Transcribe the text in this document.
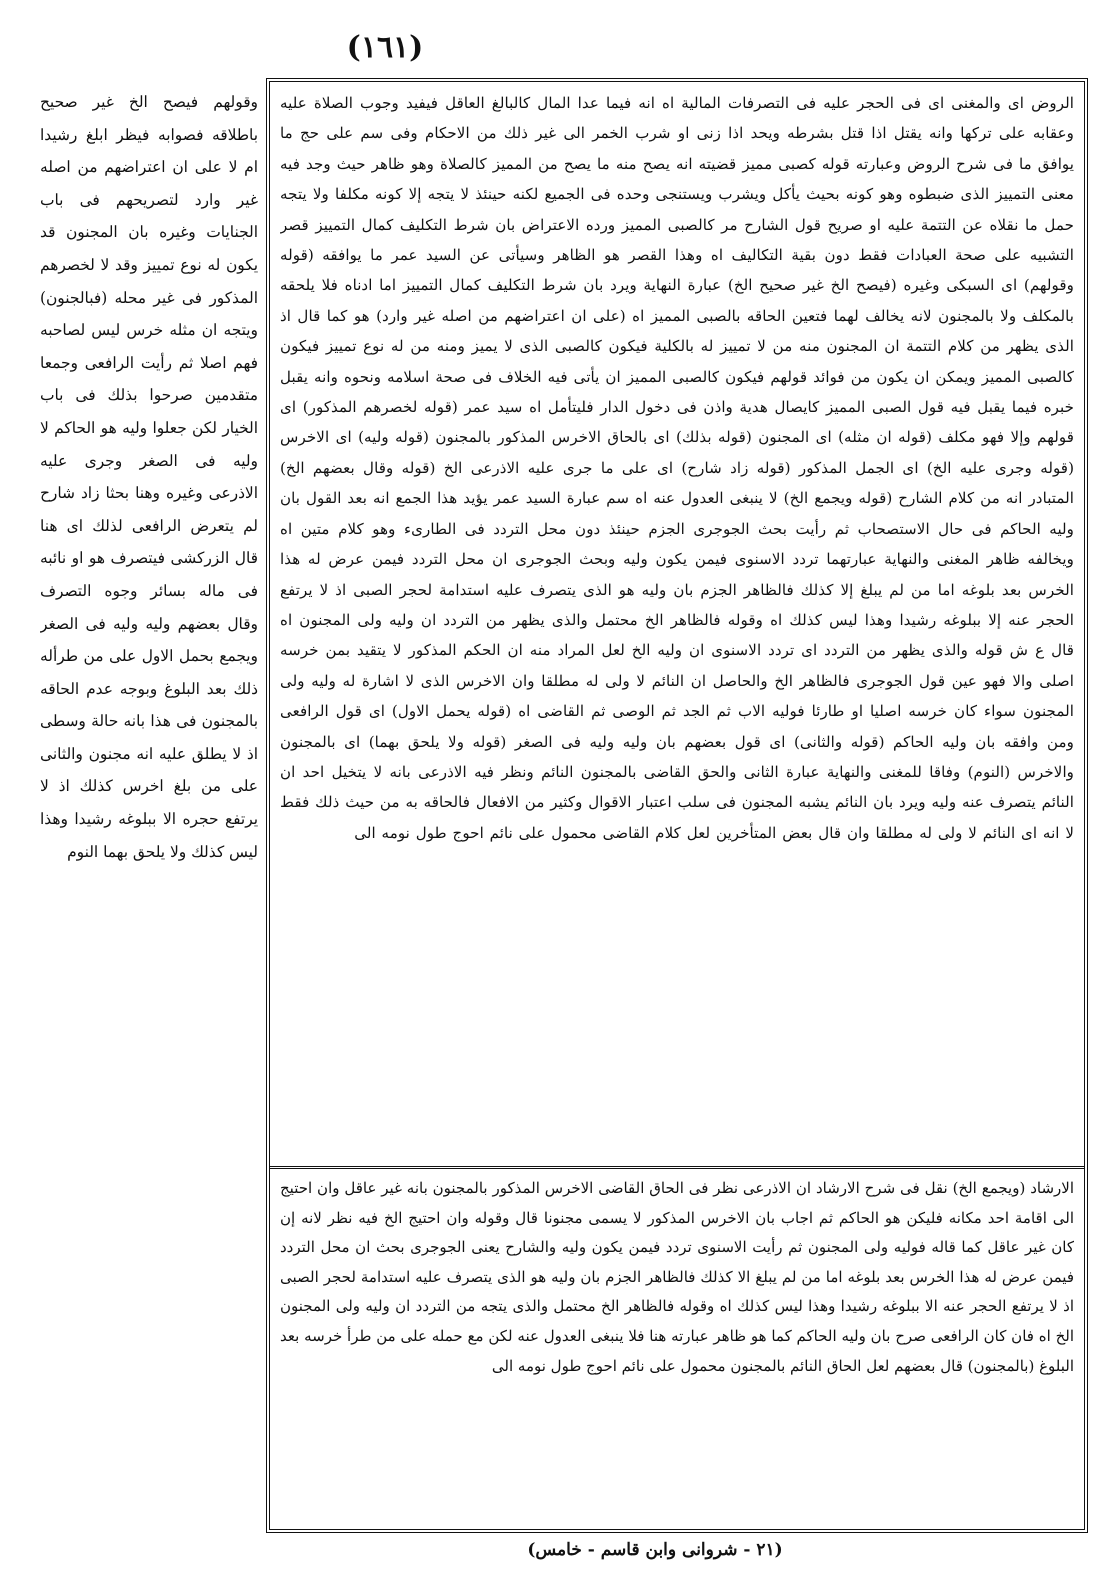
(١٦١)
وقولهم فيصح الخ غير صحيح باطلاقه فصوابه فيظر ابلغ رشيدا ام لا على ان اعتراضهم من اصله غير وارد لتصريحهم فى باب الجنايات وغيره بان المجنون قد يكون له نوع تمييز وقد لا لخصرهم المذكور فى غير محله (فبالجنون) ويتجه ان مثله خرس ليس لصاحبه فهم اصلا ثم رأيت الرافعى وجمعا متقدمين صرحوا بذلك فى باب الخيار لكن جعلوا وليه هو الحاكم لا وليه فى الصغر وجرى عليه الاذرعى وغيره وهنا بحثا زاد شارح لم يتعرض الرافعى لذلك اى هنا قال الزركشى فيتصرف هو او نائبه فى ماله بسائر وجوه التصرف وقال بعضهم وليه وليه فى الصغر ويجمع بحمل الاول على من طرأله ذلك بعد البلوغ وبوجه عدم الحاقه بالمجنون فى هذا بانه حالة وسطى اذ لا يطلق عليه انه مجنون والثانى على من بلغ اخرس كذلك اذ لا يرتفع حجره الا ببلوغه رشيدا وهذا ليس كذلك ولا يلحق بهما النوم
الروض اى والمغنى اى فى الحجر عليه فى التصرفات المالية اه انه فيما عدا المال كالبالغ العاقل فيفيد وجوب الصلاة عليه وعقابه على تركها وانه يقتل اذا قتل بشرطه ويحد اذا زنى او شرب الخمر الى غير ذلك من الاحكام وفى سم على حج ما يوافق ما فى شرح الروض وعبارته قوله كصبى مميز قضيته انه يصح منه ما يصح من المميز كالصلاة وهو ظاهر حيث وجد فيه معنى التمييز الذى ضبطوه وهو كونه بحيث يأكل ويشرب ويستنجى وحده فى الجميع لكنه حينئذ لا يتجه إلا كونه مكلفا ولا يتجه حمل ما نقلاه عن التتمة عليه او صريح قول الشارح مر كالصبى المميز ورده الاعتراض بان شرط التكليف كمال التمييز قصر التشبيه على صحة العبادات فقط دون بقية التكاليف اه وهذا القصر هو الظاهر وسيأتى عن السيد عمر ما يوافقه (قوله وقولهم) اى السبكى وغيره (فيصح الخ غير صحيح الخ) عبارة النهاية ويرد بان شرط التكليف كمال التمييز اما ادناه فلا يلحقه بالمكلف ولا بالمجنون لانه يخالف لهما فتعين الحاقه بالصبى المميز اه (على ان اعتراضهم من اصله غير وارد) هو كما قال اذ الذى يظهر من كلام التتمة ان المجنون منه من لا تمييز له بالكلية فيكون كالصبى الذى لا يميز ومنه من له نوع تمييز فيكون كالصبى المميز ويمكن ان يكون من فوائد قولهم فيكون كالصبى المميز ان يأتى فيه الخلاف فى صحة اسلامه ونحوه وانه يقبل خبره فيما يقبل فيه قول الصبى المميز كايصال هدية واذن فى دخول الدار فليتأمل اه سيد عمر (قوله لخصرهم المذكور) اى قولهم وإلا فهو مكلف (قوله ان مثله) اى المجنون (قوله بذلك) اى بالحاق الاخرس المذكور بالمجنون (قوله وليه) اى الاخرس (قوله وجرى عليه الخ) اى الجمل المذكور (قوله زاد شارح) اى على ما جرى عليه الاذرعى الخ (قوله وقال بعضهم الخ) المتبادر انه من كلام الشارح (قوله ويجمع الخ) لا ينبغى العدول عنه اه سم عبارة السيد عمر يؤيد هذا الجمع انه بعد القول بان وليه الحاكم فى حال الاستصحاب ثم رأيت بحث الجوجرى الجزم حينئذ دون محل التردد فى الطارىء وهو كلام متين اه ويخالفه ظاهر المغنى والنهاية عبارتهما تردد الاسنوى فيمن يكون وليه وبحث الجوجرى ان محل التردد فيمن عرض له هذا الخرس بعد بلوغه اما من لم يبلغ إلا كذلك فالظاهر الجزم بان وليه هو الذى يتصرف عليه استدامة لحجر الصبى اذ لا يرتفع الحجر عنه إلا ببلوغه رشيدا وهذا ليس كذلك اه وقوله فالظاهر الخ محتمل والذى يظهر من التردد ان وليه ولى المجنون اه قال ع ش قوله والذى يظهر من التردد اى تردد الاسنوى ان وليه الخ لعل المراد منه ان الحكم المذكور لا يتقيد بمن خرسه اصلى والا فهو عين قول الجوجرى فالظاهر الخ والحاصل ان النائم لا ولى له مطلقا وان الاخرس الذى لا اشارة له وليه ولى المجنون سواء كان خرسه اصليا او طارئا فوليه الاب ثم الجد ثم الوصى ثم القاضى اه (قوله يحمل الاول) اى قول الرافعى ومن وافقه بان وليه الحاكم (قوله والثانى) اى قول بعضهم بان وليه وليه فى الصغر (قوله ولا يلحق بهما) اى بالمجنون والاخرس (النوم) وفاقا للمغنى والنهاية عبارة الثانى والحق القاضى بالمجنون النائم ونظر فيه الاذرعى بانه لا يتخيل احد ان النائم يتصرف عنه وليه ويرد بان النائم يشبه المجنون فى سلب اعتبار الاقوال وكثير من الافعال فالحاقه به من حيث ذلك فقط لا انه اى النائم لا ولى له مطلقا وان قال بعض المتأخرين لعل كلام القاضى محمول على نائم احوج طول نومه الى
الارشاد (ويجمع الخ) نقل فى شرح الارشاد ان الاذرعى نظر فى الحاق القاضى الاخرس المذكور بالمجنون بانه غير عاقل وان احتيج الى اقامة احد مكانه فليكن هو الحاكم ثم اجاب بان الاخرس المذكور لا يسمى مجنونا قال وقوله وان احتيج الخ فيه نظر لانه إن كان غير عاقل كما قاله فوليه ولى المجنون ثم رأيت الاسنوى تردد فيمن يكون وليه والشارح يعنى الجوجرى بحث ان محل التردد فيمن عرض له هذا الخرس بعد بلوغه اما من لم يبلغ الا كذلك فالظاهر الجزم بان وليه هو الذى يتصرف عليه استدامة لحجر الصبى اذ لا يرتفع الحجر عنه الا ببلوغه رشيدا وهذا ليس كذلك اه وقوله فالظاهر الخ محتمل والذى يتجه من التردد ان وليه ولى المجنون الخ اه فان كان الرافعى صرح بان وليه الحاكم كما هو ظاهر عبارته هنا فلا ينبغى العدول عنه لكن مع حمله على من طرأ خرسه بعد البلوغ (بالمجنون) قال بعضهم لعل الحاق النائم بالمجنون محمول على نائم احوج طول نومه الى
(٢١ - شروانى وابن قاسم - خامس)
